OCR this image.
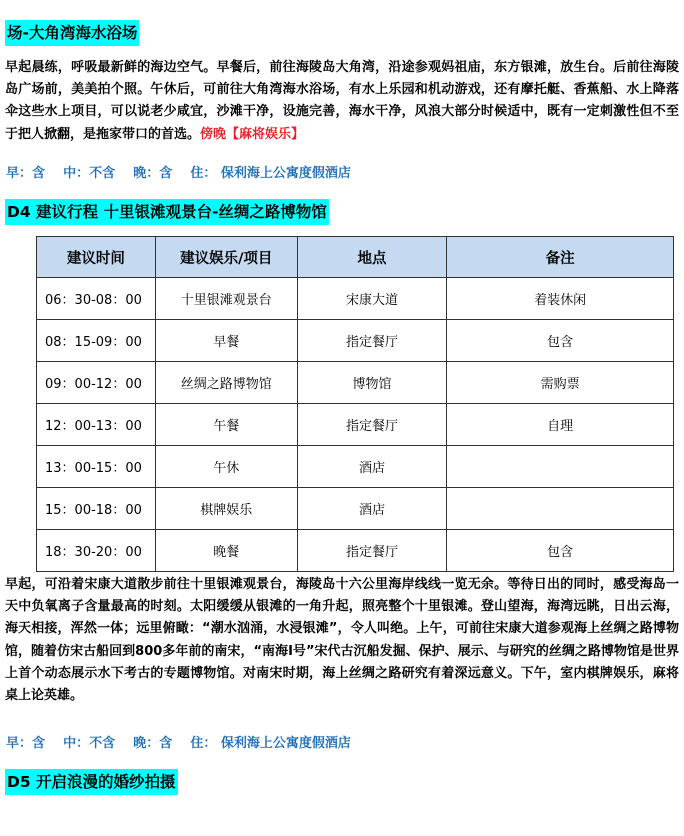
场-大角湾海水浴场

早起晨练，呼吸最新鲜的海边空气。早餐后，前往海陵岛大角湾，沿途参观妈祖庙，东方银滩，放生台。后前往海陵岛广场前，美美拍个照。午休后，可前往大角湾海水浴场，有水上乐园和机动游戏，还有摩托艇、香蕉船、水上降落伞这些水上项目，可以说老少咸宜，沙滩干净，设施完善，海水干净，风浪大部分时候适中，既有一定刺激性但不至于把人掀翻，是拖家带口的首选。傍晚【麻将娱乐】

早：含 中：不含 晚：含 住： 保利海上公寓度假酒店
D4 建议行程 十里银滩观景台-丝绸之路博物馆
建议时间	建议娱乐/项目	地点	备注
06：30-08：00	十里银滩观景台	宋康大道	着装休闲
08：15-09：00	早餐	指定餐厅	包含
09：00-12：00	丝绸之路博物馆	博物馆	需购票
12：00-13：00	午餐	指定餐厅	自理
13：00-15：00	午休	酒店	
15：00-18：00	棋牌娱乐	酒店	
18：30-20：00	晚餐	指定餐厅	包含

早起，可沿着宋康大道散步前往十里银滩观景台，海陵岛十六公里海岸线线一览无余。等待日出的同时，感受海岛一天中负氧离子含量最高的时刻。太阳缓缓从银滩的一角升起，照亮整个十里银滩。登山望海，海湾远眺，日出云海，海天相接，浑然一体；远里俯瞰：“潮水汹涌，水浸银滩”，令人叫绝。上午，可前往宋康大道参观海上丝绸之路博物馆，随着仿宋古船回到800多年前的南宋，“南海Ⅰ号”宋代古沉船发掘、保护、展示、与研究的丝绸之路博物馆是世界上首个动态展示水下考古的专题博物馆。对南宋时期，海上丝绸之路研究有着深远意义。下午，室内棋牌娱乐，麻将桌上论英雄。

早：含 中：不含 晚：含 住： 保利海上公寓度假酒店
D5 开启浪漫的婚纱拍摄
